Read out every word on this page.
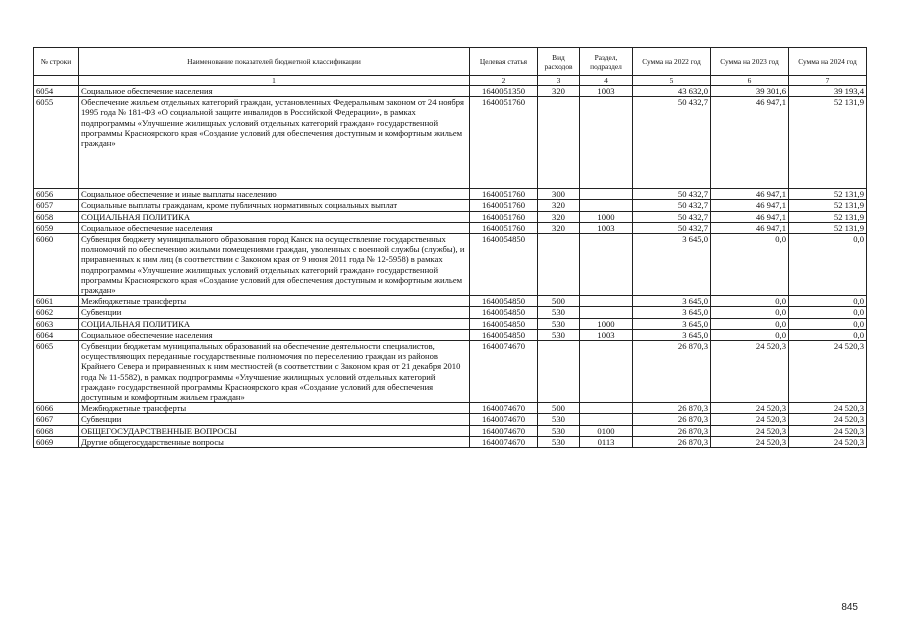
№ строки	Наименование показателей бюджетной классификации	Целевая статья	Вид расходов	Раздел, подраздел	Сумма на 2022 год	Сумма на 2023 год	Сумма на 2024 год
	1	2	3	4	5	6	7
6054	Социальное обеспечение населения	1640051350	320	1003	43 632,0	39 301,6	39 193,4
6055	Обеспечение жильем отдельных категорий граждан, установленных Федеральным законом от 24 ноября 1995 года № 181-ФЗ «О социальной защите инвалидов в Российской Федерации», в рамках подпрограммы «Улучшение жилищных условий отдельных категорий граждан» государственной программы Красноярского края «Создание условий для обеспечения доступным и комфортным жильем граждан»	1640051760			50 432,7	46 947,1	52 131,9
6056	Социальное обеспечение и иные выплаты населению	1640051760	300		50 432,7	46 947,1	52 131,9
6057	Социальные выплаты гражданам, кроме публичных нормативных социальных выплат	1640051760	320		50 432,7	46 947,1	52 131,9
6058	СОЦИАЛЬНАЯ ПОЛИТИКА	1640051760	320	1000	50 432,7	46 947,1	52 131,9
6059	Социальное обеспечение населения	1640051760	320	1003	50 432,7	46 947,1	52 131,9
6060	Субвенция бюджету муниципального образования город Канск на осуществление государственных полномочий по обеспечению жилыми помещениями граждан, уволенных с военной службы (службы), и приравненных к ним лиц (в соответствии с Законом края от 9 июня 2011 года № 12-5958) в рамках подпрограммы «Улучшение жилищных условий отдельных категорий граждан» государственной программы Красноярского края «Создание условий для обеспечения доступным и комфортным жильем граждан»	1640054850			3 645,0	0,0	0,0
6061	Межбюджетные трансферты	1640054850	500		3 645,0	0,0	0,0
6062	Субвенции	1640054850	530		3 645,0	0,0	0,0
6063	СОЦИАЛЬНАЯ ПОЛИТИКА	1640054850	530	1000	3 645,0	0,0	0,0
6064	Социальное обеспечение населения	1640054850	530	1003	3 645,0	0,0	0,0
6065	Субвенции бюджетам муниципальных образований на обеспечение деятельности специалистов, осуществляющих переданные государственные полномочия по переселению граждан из районов Крайнего Севера и приравненных к ним местностей (в соответствии с Законом края от 21 декабря 2010 года № 11-5582), в рамках подпрограммы «Улучшение жилищных условий отдельных категорий граждан» государственной программы Красноярского края «Создание условий для обеспечения доступным и комфортным жильем граждан»	1640074670			26 870,3	24 520,3	24 520,3
6066	Межбюджетные трансферты	1640074670	500		26 870,3	24 520,3	24 520,3
6067	Субвенции	1640074670	530		26 870,3	24 520,3	24 520,3
6068	ОБЩЕГОСУДАРСТВЕННЫЕ ВОПРОСЫ	1640074670	530	0100	26 870,3	24 520,3	24 520,3
6069	Другие общегосударственные вопросы	1640074670	530	0113	26 870,3	24 520,3	24 520,3
845
